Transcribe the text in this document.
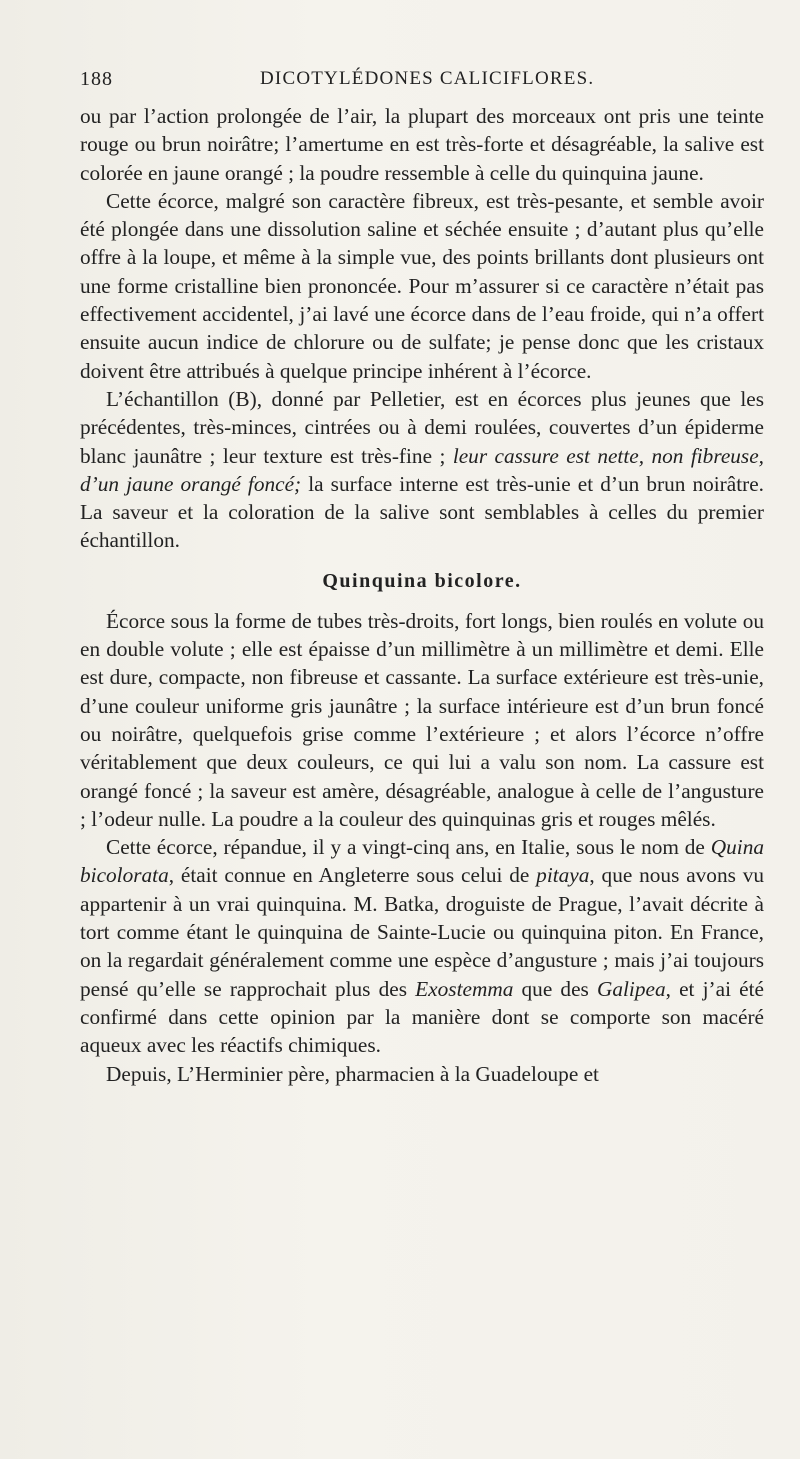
188	DICOTYLÉDONES CALICIFLORES.

ou par l’action prolongée de l’air, la plupart des morceaux ont pris une teinte rouge ou brun noirâtre; l’amertume en est très-forte et désagréable, la salive est colorée en jaune orangé ; la poudre ressemble à celle du quinquina jaune.

Cette écorce, malgré son caractère fibreux, est très-pesante, et semble avoir été plongée dans une dissolution saline et séchée ensuite ; d’autant plus qu’elle offre à la loupe, et même à la simple vue, des points brillants dont plusieurs ont une forme cristalline bien prononcée. Pour m’assurer si ce caractère n’était pas effectivement accidentel, j’ai lavé une écorce dans de l’eau froide, qui n’a offert ensuite aucun indice de chlorure ou de sulfate; je pense donc que les cristaux doivent être attribués à quelque principe inhérent à l’écorce.

L’échantillon (B), donné par Pelletier, est en écorces plus jeunes que les précédentes, très-minces, cintrées ou à demi roulées, couvertes d’un épiderme blanc jaunâtre ; leur texture est très-fine ; leur cassure est nette, non fibreuse, d’un jaune orangé foncé; la surface interne est très-unie et d’un brun noirâtre. La saveur et la coloration de la salive sont semblables à celles du premier échantillon.

Quinquina bicolore.

Écorce sous la forme de tubes très-droits, fort longs, bien roulés en volute ou en double volute ; elle est épaisse d’un millimètre à un millimètre et demi. Elle est dure, compacte, non fibreuse et cassante. La surface extérieure est très-unie, d’une couleur uniforme gris jaunâtre ; la surface intérieure est d’un brun foncé ou noirâtre, quelquefois grise comme l’extérieure ; et alors l’écorce n’offre véritablement que deux couleurs, ce qui lui a valu son nom. La cassure est orangé foncé ; la saveur est amère, désagréable, analogue à celle de l’angusture ; l’odeur nulle. La poudre a la couleur des quinquinas gris et rouges mêlés.

Cette écorce, répandue, il y a vingt-cinq ans, en Italie, sous le nom de Quina bicolorata, était connue en Angleterre sous celui de pitaya, que nous avons vu appartenir à un vrai quinquina. M. Batka, droguiste de Prague, l’avait décrite à tort comme étant le quinquina de Sainte-Lucie ou quinquina piton. En France, on la regardait généralement comme une espèce d’angusture ; mais j’ai toujours pensé qu’elle se rapprochait plus des Exostemma que des Galipea, et j’ai été confirmé dans cette opinion par la manière dont se comporte son macéré aqueux avec les réactifs chimiques.

Depuis, L’Herminier père, pharmacien à la Guadeloupe et
